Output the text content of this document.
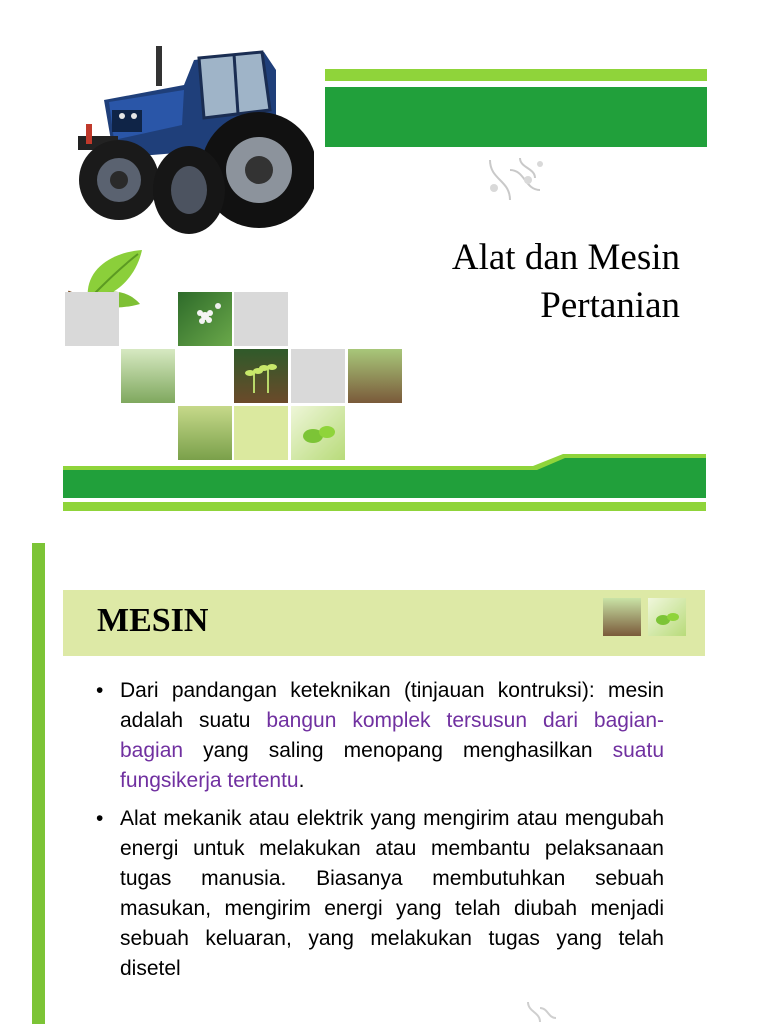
Alat dan Mesin
Pertanian
MESIN

• Dari pandangan keteknikan (tinjauan kontruksi): mesin adalah suatu bangun komplek tersusun dari bagian-bagian yang saling menopang menghasilkan suatu fungsikerja tertentu.

• Alat mekanik atau elektrik yang mengirim atau mengubah energi untuk melakukan atau membantu pelaksanaan tugas manusia. Biasanya membutuhkan sebuah masukan, mengirim energi yang telah diubah menjadi sebuah keluaran, yang melakukan tugas yang telah disetel
